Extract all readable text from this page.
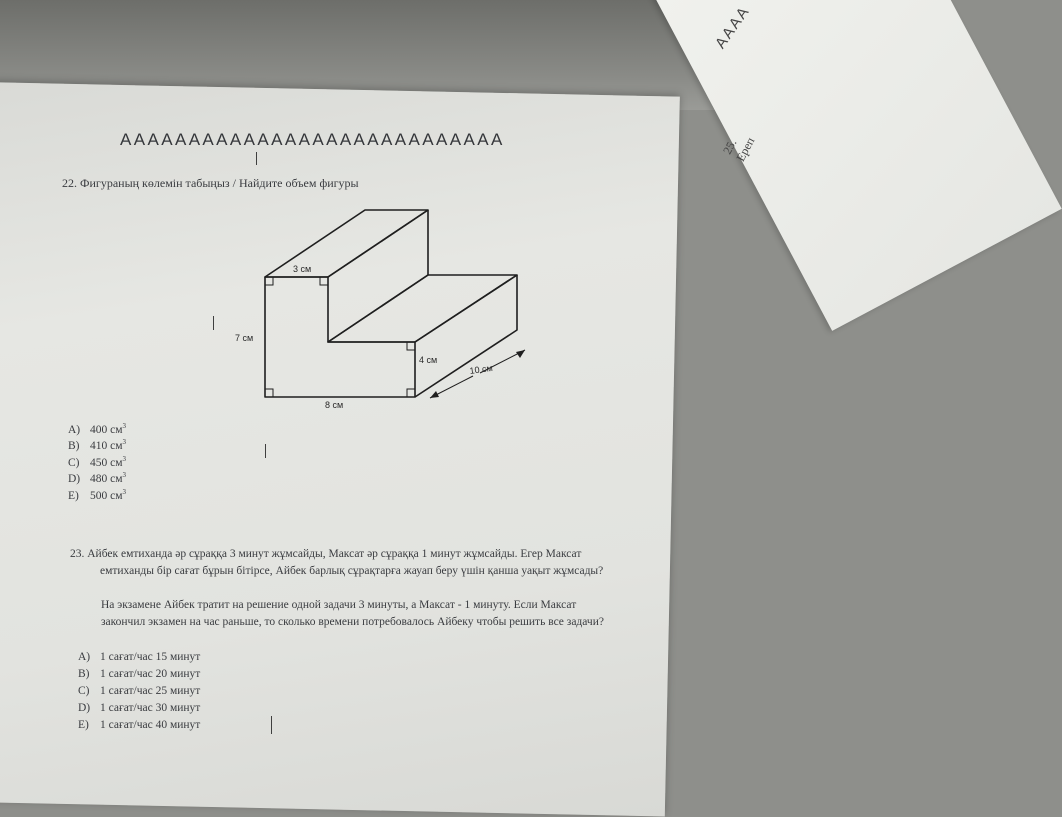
AAAA
25. Ереп
AAAAAAAAAAAAAAAAAAAAAAAAAAAA
22. Фигураның көлемін табыңыз / Найдите объем фигуры
3 см
7 см
4 см
8 см
10 см
A) 400 $см^3$
B) 410 $см^3$
C) 450 $см^3$
D) 480 $см^3$
E) 500 $см^3$
23. Айбек емтиханда әр сұраққа 3 минут жұмсайды, Максат әр сұраққа 1 минут жұмсайды. Егер Максат
емтиханды бір сағат бұрын бітірсе, Айбек барлық сұрақтарға жауап беру үшін қанша уақыт жұмсады?
На экзамене Айбек тратит на решение одной задачи 3 минуты, а Максат - 1 минуту. Если Максат
закончил экзамен на час раньше, то сколько времени потребовалось Айбеку чтобы решить все задачи?
A) 1 сағат/час 15 минут
B) 1 сағат/час 20 минут
C) 1 сағат/час 25 минут
D) 1 сағат/час 30 минут
E) 1 сағат/час 40 минут
